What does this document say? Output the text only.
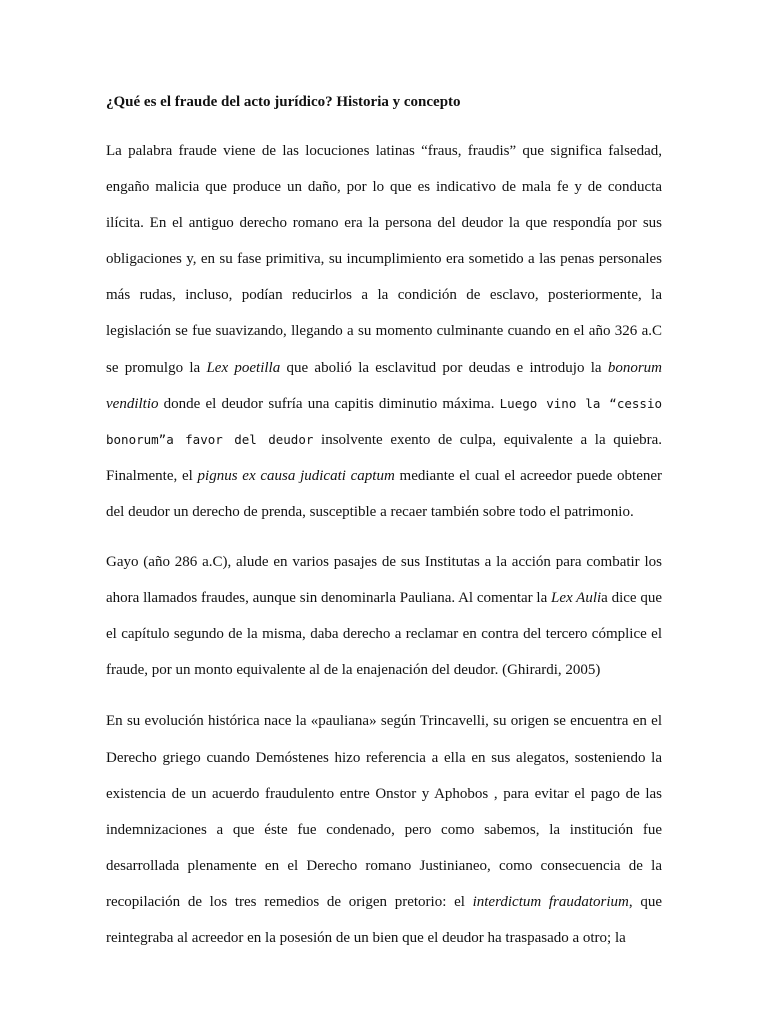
¿Qué es el fraude del acto jurídico? Historia y concepto

La palabra fraude viene de las locuciones latinas “fraus, fraudis” que significa falsedad, engaño malicia que produce un daño, por lo que es indicativo de mala fe y de conducta ilícita. En el antiguo derecho romano era la persona del deudor la que respondía por sus obligaciones y, en su fase primitiva, su incumplimiento era sometido a las penas personales más rudas, incluso, podían reducirlos a la condición de esclavo, posteriormente, la legislación se fue suavizando, llegando a su momento culminante cuando en el año 326 a.C se promulgo la Lex poetilla que abolió la esclavitud por deudas e introdujo la bonorum vendiltio donde el deudor sufría una capitis diminutio máxima. Luego vino la “cessio bonorum”a favor del deudor insolvente exento de culpa, equivalente a la quiebra. Finalmente, el pignus ex causa judicati captum mediante el cual el acreedor puede obtener del deudor un derecho de prenda, susceptible a recaer también sobre todo el patrimonio.

Gayo (año 286 a.C), alude en varios pasajes de sus Institutas a la acción para combatir los ahora llamados fraudes, aunque sin denominarla Pauliana. Al comentar la Lex Aulia dice que el capítulo segundo de la misma, daba derecho a reclamar en contra del tercero cómplice el fraude, por un monto equivalente al de la enajenación del deudor. (Ghirardi, 2005)

En su evolución histórica nace la «pauliana» según Trincavelli, su origen se encuentra en el Derecho griego cuando Demóstenes hizo referencia a ella en sus alegatos, sosteniendo la existencia de un acuerdo fraudulento entre Onstor y Aphobos , para evitar el pago de las indemnizaciones a que éste fue condenado, pero como sabemos, la institución fue desarrollada plenamente en el Derecho romano Justinianeo, como consecuencia de la recopilación de los tres remedios de origen pretorio: el interdictum fraudatorium, que reintegraba al acreedor en la posesión de un bien que el deudor ha traspasado a otro; la
